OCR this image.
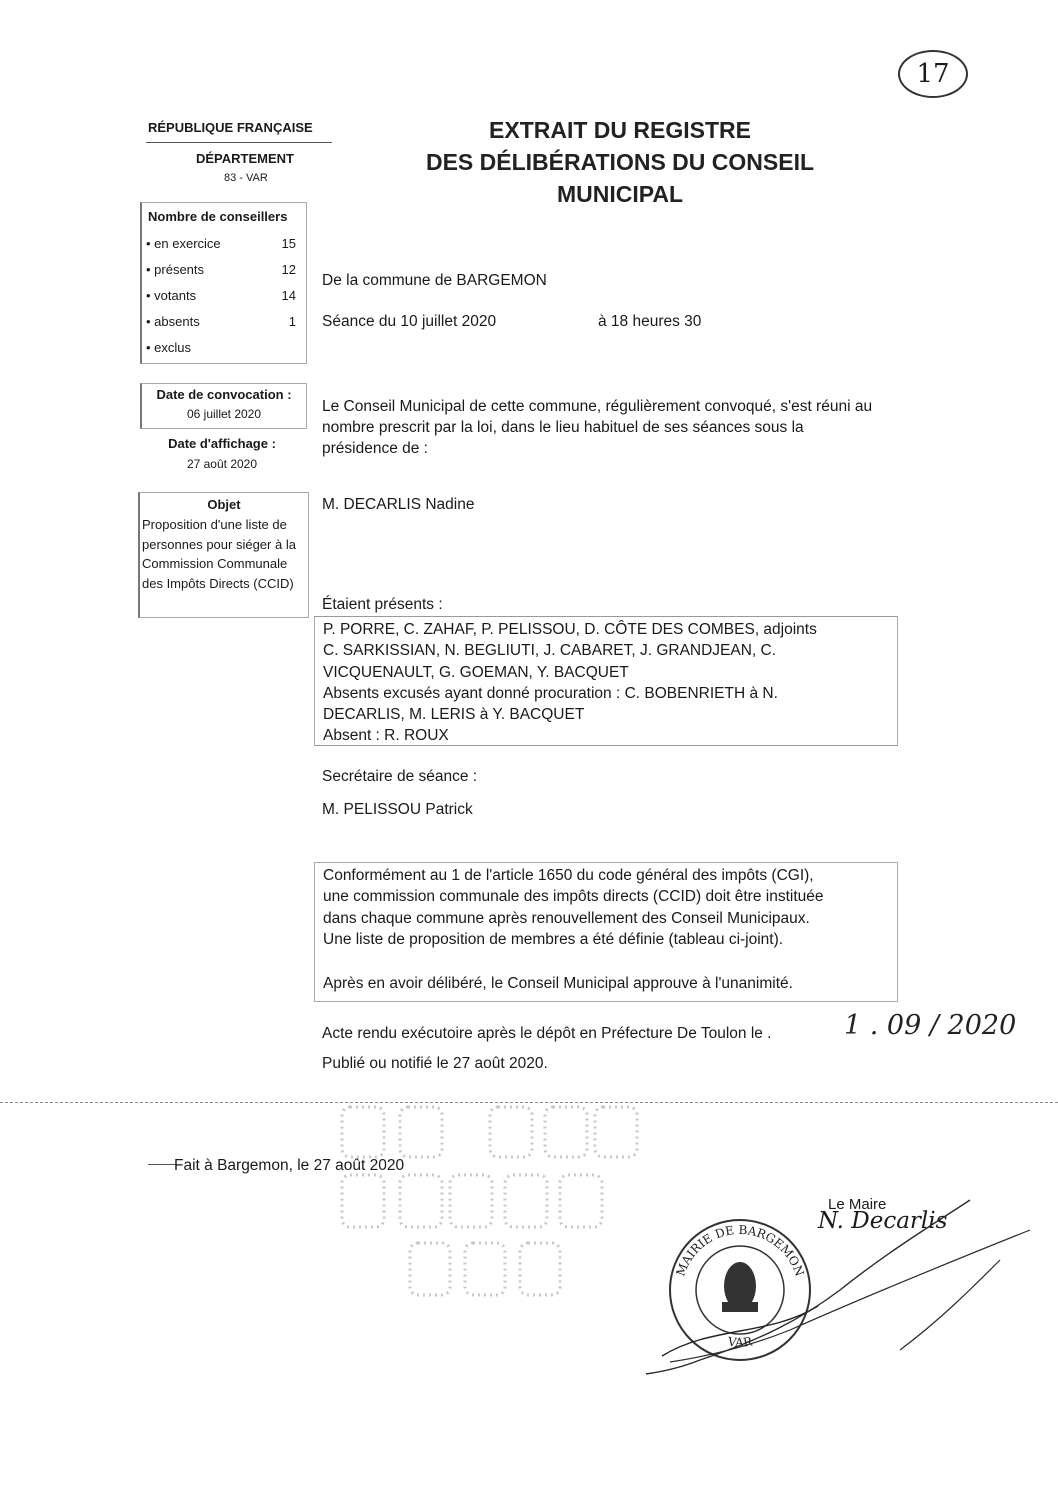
17
RÉPUBLIQUE FRANÇAISE
DÉPARTEMENT
83 - VAR
EXTRAIT DU REGISTRE
DES DÉLIBÉRATIONS DU CONSEIL
MUNICIPAL
Nombre de conseillers
• en exercice	15
• présents	12
• votants	14
• absents	1
• exclus
Date de convocation :
06 juillet 2020
Date d'affichage :
27 août 2020
Objet
Proposition d'une liste de personnes pour siéger à la Commission Communale des Impôts Directs (CCID)
De la commune de BARGEMON
Séance du 10 juillet 2020	à 18 heures 30
Le Conseil Municipal de cette commune, régulièrement convoqué, s'est réuni au nombre prescrit par la loi, dans le lieu habituel de ses séances sous la présidence de :
M. DECARLIS Nadine
Étaient présents :
P. PORRE, C. ZAHAF, P. PELISSOU, D. CÔTE DES COMBES, adjoints
C. SARKISSIAN, N. BEGLIUTI, J. CABARET, J. GRANDJEAN, C.
VICQUENAULT, G. GOEMAN, Y. BACQUET
Absents excusés ayant donné procuration : C. BOBENRIETH à N.
DECARLIS, M. LERIS à Y. BACQUET
Absent : R. ROUX
Secrétaire de séance :
M. PELISSOU Patrick
Conformément au 1 de l'article 1650 du code général des impôts (CGI),
une commission communale des impôts directs (CCID) doit être instituée
dans chaque commune après renouvellement des Conseil Municipaux.
Une liste de proposition de membres a été définie (tableau ci-joint).
Après en avoir délibéré, le Conseil Municipal approuve à l'unanimité.
Acte rendu exécutoire après le dépôt en Préfecture De Toulon le .	1 . 09 / 2020
Publié ou notifié le 27 août 2020.
Fait à Bargemon, le 27 août 2020
MAIRIE DE BARGEMON
VAR
Le Maire
N. Decarlis
